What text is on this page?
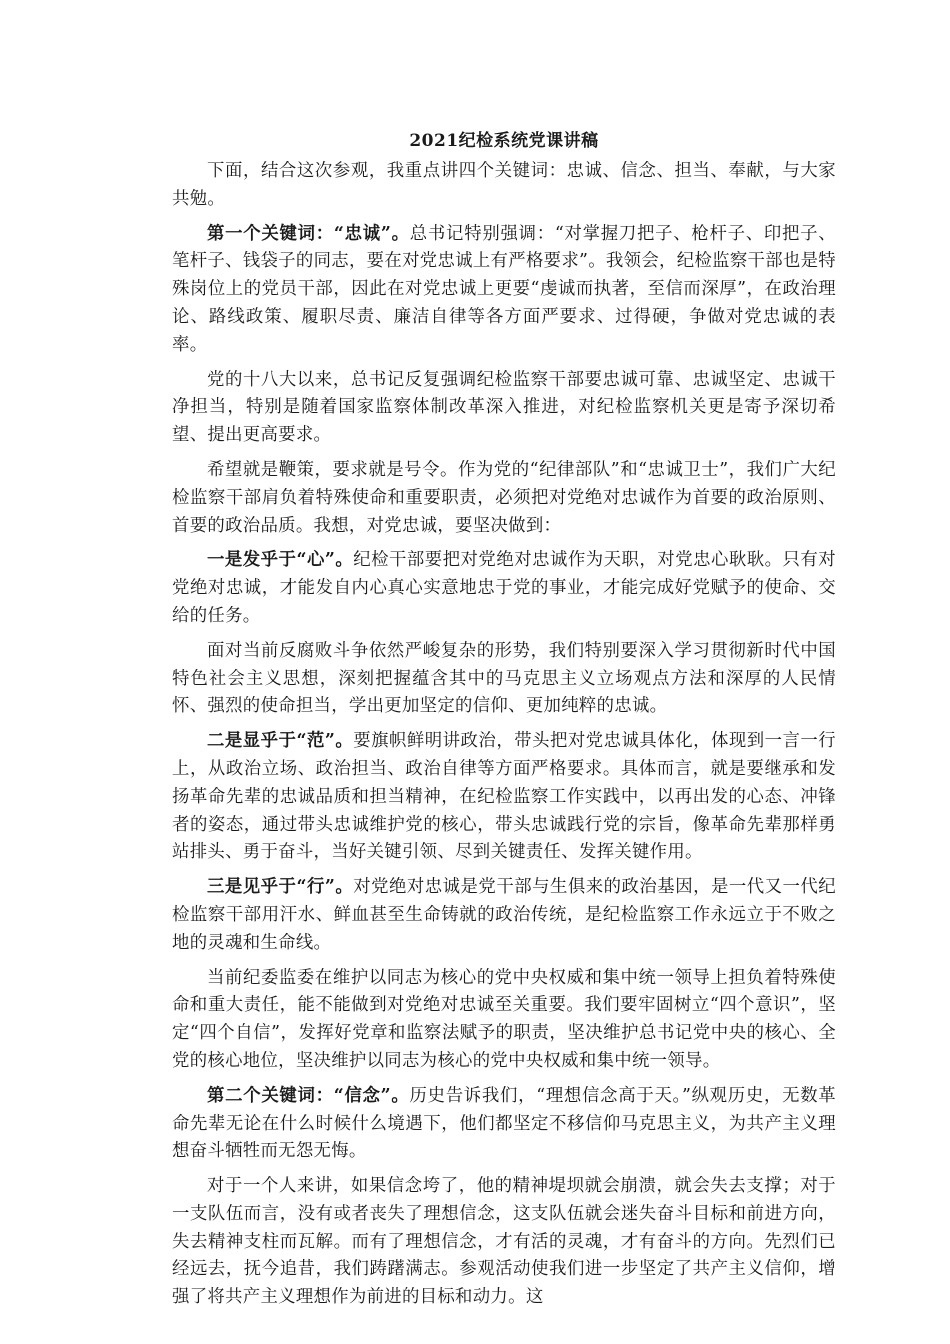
2021纪检系统党课讲稿

下面，结合这次参观，我重点讲四个关键词：忠诚、信念、担当、奉献，与大家共勉。

第一个关键词：“忠诚”。总书记特别强调：“对掌握刀把子、枪杆子、印把子、笔杆子、钱袋子的同志，要在对党忠诚上有严格要求”。我领会，纪检监察干部也是特殊岗位上的党员干部，因此在对党忠诚上更要“虔诚而执著，至信而深厚”，在政治理论、路线政策、履职尽责、廉洁自律等各方面严要求、过得硬，争做对党忠诚的表率。

党的十八大以来，总书记反复强调纪检监察干部要忠诚可靠、忠诚坚定、忠诚干净担当，特别是随着国家监察体制改革深入推进，对纪检监察机关更是寄予深切希望、提出更高要求。

希望就是鞭策，要求就是号令。作为党的“纪律部队”和“忠诚卫士”，我们广大纪检监察干部肩负着特殊使命和重要职责，必须把对党绝对忠诚作为首要的政治原则、首要的政治品质。我想，对党忠诚，要坚决做到：

一是发乎于“心”。纪检干部要把对党绝对忠诚作为天职，对党忠心耿耿。只有对党绝对忠诚，才能发自内心真心实意地忠于党的事业，才能完成好党赋予的使命、交给的任务。

面对当前反腐败斗争依然严峻复杂的形势，我们特别要深入学习贯彻新时代中国特色社会主义思想，深刻把握蕴含其中的马克思主义立场观点方法和深厚的人民情怀、强烈的使命担当，学出更加坚定的信仰、更加纯粹的忠诚。

二是显乎于“范”。要旗帜鲜明讲政治，带头把对党忠诚具体化，体现到一言一行上，从政治立场、政治担当、政治自律等方面严格要求。具体而言，就是要继承和发扬革命先辈的忠诚品质和担当精神，在纪检监察工作实践中，以再出发的心态、冲锋者的姿态，通过带头忠诚维护党的核心，带头忠诚践行党的宗旨，像革命先辈那样勇站排头、勇于奋斗，当好关键引领、尽到关键责任、发挥关键作用。

三是见乎于“行”。对党绝对忠诚是党干部与生俱来的政治基因，是一代又一代纪检监察干部用汗水、鲜血甚至生命铸就的政治传统，是纪检监察工作永远立于不败之地的灵魂和生命线。

当前纪委监委在维护以同志为核心的党中央权威和集中统一领导上担负着特殊使命和重大责任，能不能做到对党绝对忠诚至关重要。我们要牢固树立“四个意识”，坚定“四个自信”，发挥好党章和监察法赋予的职责，坚决维护总书记党中央的核心、全党的核心地位，坚决维护以同志为核心的党中央权威和集中统一领导。

第二个关键词：“信念”。历史告诉我们，“理想信念高于天。”纵观历史，无数革命先辈无论在什么时候什么境遇下，他们都坚定不移信仰马克思主义，为共产主义理想奋斗牺牲而无怨无悔。

对于一个人来讲，如果信念垮了，他的精神堤坝就会崩溃，就会失去支撑；对于一支队伍而言，没有或者丧失了理想信念，这支队伍就会迷失奋斗目标和前进方向，失去精神支柱而瓦解。而有了理想信念，才有活的灵魂，才有奋斗的方向。先烈们已经远去，抚今追昔，我们踌躇满志。参观活动使我们进一步坚定了共产主义信仰，增强了将共产主义理想作为前进的目标和动力。这
